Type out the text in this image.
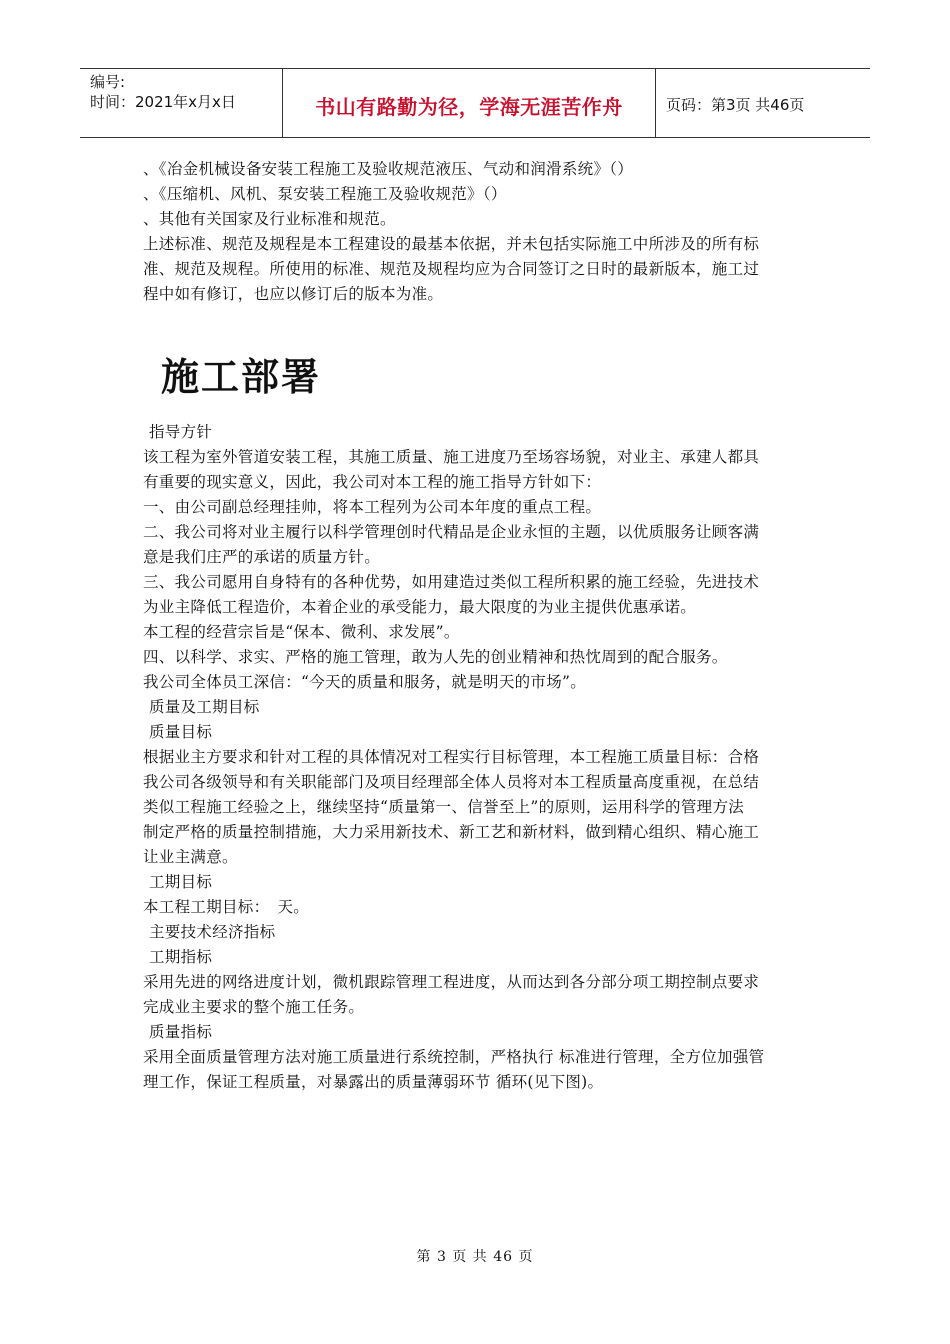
编号:
时间：2021年x月x日	书山有路勤为径，学海无涯苦作舟	页码：第3页 共46页

、《冶金机械设备安装工程施工及验收规范液压、气动和润滑系统》（）

、《压缩机、风机、泵安装工程施工及验收规范》（）

、其他有关国家及行业标准和规范。

上述标准、规范及规程是本工程建设的最基本依据，并未包括实际施工中所涉及的所有标

准、规范及规程。所使用的标准、规范及规程均应为合同签订之日时的最新版本，施工过

程中如有修订，也应以修订后的版本为准。

施工部署

指导方针

该工程为室外管道安装工程，其施工质量、施工进度乃至场容场貌，对业主、承建人都具

有重要的现实意义，因此，我公司对本工程的施工指导方针如下：

一、由公司副总经理挂帅，将本工程列为公司本年度的重点工程。

二、我公司将对业主履行以科学管理创时代精品是企业永恒的主题，以优质服务让顾客满

意是我们庄严的承诺的质量方针。

三、我公司愿用自身特有的各种优势，如用建造过类似工程所积累的施工经验，先进技术

为业主降低工程造价，本着企业的承受能力，最大限度的为业主提供优惠承诺。

本工程的经营宗旨是“保本、微利、求发展”。

四、以科学、求实、严格的施工管理，敢为人先的创业精神和热忱周到的配合服务。

我公司全体员工深信：“今天的质量和服务，就是明天的市场”。

质量及工期目标

质量目标

根据业主方要求和针对工程的具体情况对工程实行目标管理，本工程施工质量目标：合格

我公司各级领导和有关职能部门及项目经理部全体人员将对本工程质量高度重视，在总结

类似工程施工经验之上，继续坚持“质量第一、信誉至上”的原则，运用科学的管理方法

制定严格的质量控制措施，大力采用新技术、新工艺和新材料，做到精心组织、精心施工

让业主满意。

工期目标

本工程工期目标：　天。

主要技术经济指标

工期指标

采用先进的网络进度计划，微机跟踪管理工程进度，从而达到各分部分项工期控制点要求

完成业主要求的整个施工任务。

质量指标

采用全面质量管理方法对施工质量进行系统控制，严格执行 标准进行管理，全方位加强管

理工作，保证工程质量，对暴露出的质量薄弱环节 循环(见下图)。

第 3 页 共 46 页
